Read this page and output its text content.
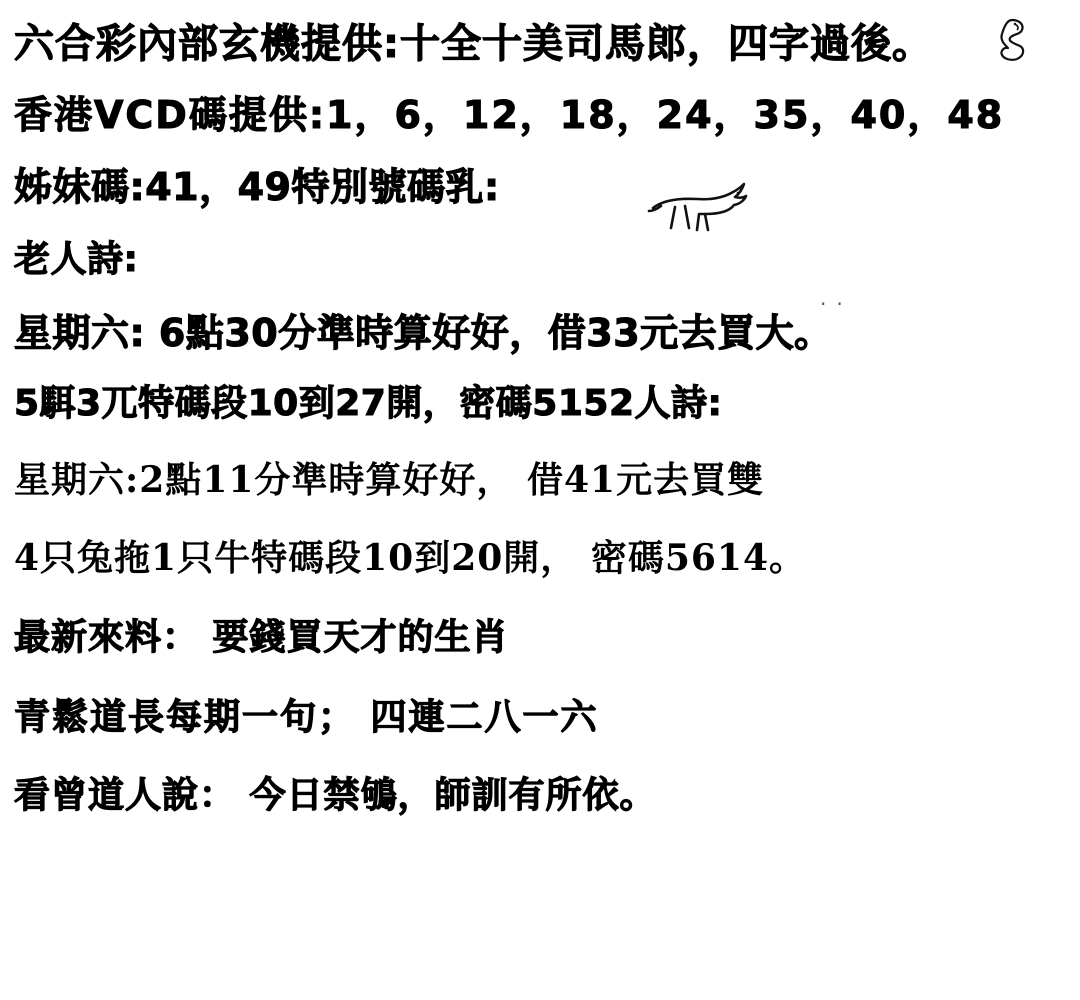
六合彩內部玄機提供:十全十美司馬郎，四字過後。
香港VCD碼提供:1，6，12，18，24，35，40，48
姊妹碼:41，49特別號碼乳:
老人詩:
星期六: 6點30分準時算好好，借33元去買大。
5駬3兀特碼段10到27開，密碼5152人詩:
星期六:2點11分準時算好好， 借41元去買雙
4只兔拖1只牛特碼段10到20開， 密碼5614。
最新來料： 要錢買天才的生肖
青鬆道長每期一句； 四連二八一六
看曾道人說： 今日禁鴝，師訓有所依。
..
